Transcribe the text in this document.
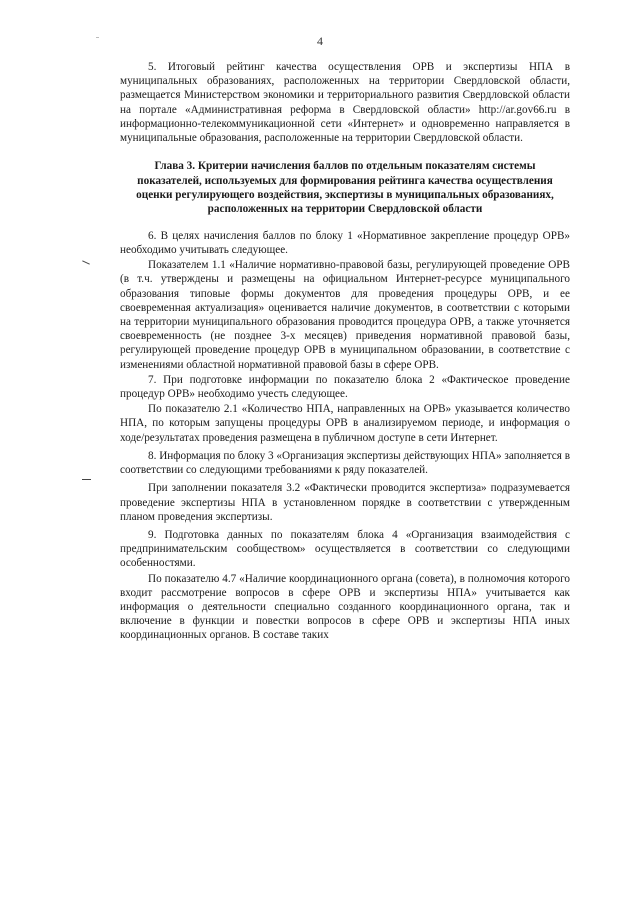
4

5. Итоговый рейтинг качества осуществления ОРВ и экспертизы НПА в муниципальных образованиях, расположенных на территории Свердловской области, размещается Министерством экономики и территориального развития Свердловской области на портале «Административная реформа в Свердловской области» http://ar.gov66.ru в информационно-телекоммуникационной сети «Интернет» и одновременно направляется в муниципальные образования, расположенные на территории Свердловской области.

Глава 3. Критерии начисления баллов по отдельным показателям системы показателей, используемых для формирования рейтинга качества осуществления оценки регулирующего воздействия, экспертизы в муниципальных образованиях, расположенных на территории Свердловской области

6. В целях начисления баллов по блоку 1 «Нормативное закрепление процедур ОРВ» необходимо учитывать следующее.

Показателем 1.1 «Наличие нормативно-правовой базы, регулирующей проведение ОРВ (в т.ч. утверждены и размещены на официальном Интернет-ресурсе муниципального образования типовые формы документов для проведения процедуры ОРВ, и ее своевременная актуализация» оценивается наличие документов, в соответствии с которыми на территории муниципального образования проводится процедура ОРВ, а также уточняется своевременность (не позднее 3-х месяцев) приведения нормативной правовой базы, регулирующей проведение процедур ОРВ в муниципальном образовании, в соответствие с изменениями областной нормативной правовой базы в сфере ОРВ.

7. При подготовке информации по показателю блока 2 «Фактическое проведение процедур ОРВ» необходимо учесть следующее.

По показателю 2.1 «Количество НПА, направленных на ОРВ» указывается количество НПА, по которым запущены процедуры ОРВ в анализируемом периоде, и информация о ходе/результатах проведения размещена в публичном доступе в сети Интернет.

8. Информация по блоку 3 «Организация экспертизы действующих НПА» заполняется в соответствии со следующими требованиями к ряду показателей.

При заполнении показателя 3.2 «Фактически проводится экспертиза» подразумевается проведение экспертизы НПА в установленном порядке в соответствии с утвержденным планом проведения экспертизы.

9. Подготовка данных по показателям блока 4 «Организация взаимодействия с предпринимательским сообществом» осуществляется в соответствии со следующими особенностями.

По показателю 4.7 «Наличие координационного органа (совета), в полномочия которого входит рассмотрение вопросов в сфере ОРВ и экспертизы НПА» учитывается как информация о деятельности специально созданного координационного органа, так и включение в функции и повестки вопросов в сфере ОРВ и экспертизы НПА иных координационных органов. В составе таких
